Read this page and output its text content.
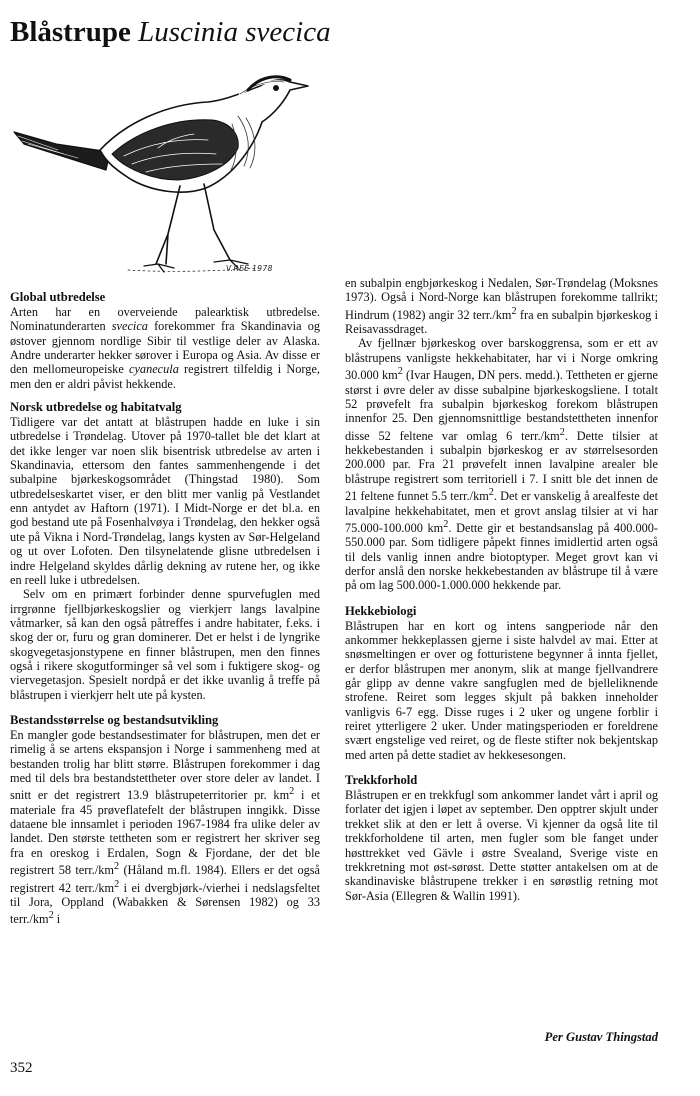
Blåstrupe Luscinia svecica
V.REE 1978
Global utbredelse

Arten har en overveiende palearktisk utbredelse. Nominatunderarten svecica forekommer fra Skandinavia og østover gjennom nordlige Sibir til vestlige deler av Alaska. Andre underarter hekker sørover i Europa og Asia. Av disse er den mellomeuropeiske cyanecula registrert tilfeldig i Norge, men den er aldri påvist hekkende.

Norsk utbredelse og habitatvalg

Tidligere var det antatt at blåstrupen hadde en luke i sin utbredelse i Trøndelag. Utover på 1970-tallet ble det klart at det ikke lenger var noen slik bisentrisk utbredelse av arten i Skandinavia, ettersom den fantes sammenhengende i det subalpine bjørkeskogsområdet (Thingstad 1980). Som utbredelseskartet viser, er den blitt mer vanlig på Vestlandet enn antydet av Haftorn (1971). I Midt-Norge er det bl.a. en god bestand ute på Fosenhalvøya i Trøndelag, den hekker også ute på Vikna i Nord-Trøndelag, langs kysten av Sør-Helgeland og ut over Lofoten. Den tilsynelatende glisne utbredelsen i indre Helgeland skyldes dårlig dekning av rutene her, og ikke en reell luke i utbredelsen.

Selv om en primært forbinder denne spurvefuglen med irrgrønne fjellbjørkeskogslier og vierkjerr langs lavalpine våtmarker, så kan den også påtreffes i andre habitater, f.eks. i skog der or, furu og gran dominerer. Det er helst i de lyngrike skogvegetasjonstypene en finner blåstrupen, men den finnes også i rikere skogutforminger så vel som i fuktigere skog- og viervegetasjon. Spesielt nordpå er det ikke uvanlig å treffe på blåstrupen i vierkjerr helt ute på kysten.

Bestandsstørrelse og bestandsutvikling

En mangler gode bestandsestimater for blåstrupen, men det er rimelig å se artens ekspansjon i Norge i sammenheng med at bestanden trolig har blitt større. Blåstrupen forekommer i dag med til dels bra bestandstettheter over store deler av landet. I snitt er det registrert 13.9 blåstrupeterritorier pr. $km^2$ i et materiale fra 45 prøveflatefelt der blåstrupen inngikk. Disse dataene ble innsamlet i perioden 1967-1984 fra ulike deler av landet. Den største tettheten som er registrert her skriver seg fra en oreskog i Erdalen, Sogn & Fjordane, der det ble registrert 58 $terr./km^2$ (Håland m.fl. 1984). Ellers er det også registrert 42 $terr./km^2$ i ei dvergbjørk-/vierhei i nedslagsfeltet til Jora, Oppland (Wabakken & Sørensen 1982) og 33 $terr./km^2$ i

en subalpin engbjørkeskog i Nedalen, Sør-Trøndelag (Moksnes 1973). Også i Nord-Norge kan blåstrupen forekomme tallrikt; Hindrum (1982) angir 32 $terr./km^2$ fra en subalpin bjørkeskog i Reisavassdraget.

Av fjellnær bjørkeskog over barskoggrensa, som er ett av blåstrupens vanligste hekkehabitater, har vi i Norge omkring 30.000 $km^2$ (Ivar Haugen, DN pers. medd.). Tettheten er gjerne størst i øvre deler av disse subalpine bjørkeskogsliene. I totalt 52 prøvefelt fra subalpin bjørkeskog forekom blåstrupen innenfor 25. Den gjennomsnittlige bestandstettheten innenfor disse 52 feltene var omlag 6 $terr./km^2$. Dette tilsier at hekkebestanden i subalpin bjørkeskog er av størrelsesorden 200.000 par. Fra 21 prøvefelt innen lavalpine arealer ble blåstrupe registrert som territoriell i 7. I snitt ble det innen de 21 feltene funnet 5.5 $terr./km^2$. Det er vanskelig å arealfeste det lavalpine hekkehabitatet, men et grovt anslag tilsier at vi har 75.000-100.000 $km^2$. Dette gir et bestandsanslag på 400.000-550.000 par. Som tidligere påpekt finnes imidlertid arten også til dels vanlig innen andre biotoptyper. Meget grovt kan vi derfor anslå den norske hekkebestanden av blåstrupe til å være på om lag 500.000-1.000.000 hekkende par.

Hekkebiologi

Blåstrupen har en kort og intens sangperiode når den ankommer hekkeplassen gjerne i siste halvdel av mai. Etter at snøsmeltingen er over og fotturistene begynner å innta fjellet, er derfor blåstrupen mer anonym, slik at mange fjellvandrere går glipp av denne vakre sangfuglen med de bjelleliknende strofene. Reiret som legges skjult på bakken inneholder vanligvis 6-7 egg. Disse ruges i 2 uker og ungene forblir i reiret ytterligere 2 uker. Under matingsperioden er foreldrene svært engstelige ved reiret, og de fleste stifter nok bekjentskap med arten på dette stadiet av hekkesesongen.

Trekkforhold

Blåstrupen er en trekkfugl som ankommer landet vårt i april og forlater det igjen i løpet av september. Den opptrer skjult under trekket slik at den er lett å overse. Vi kjenner da også lite til trekkforholdene til arten, men fugler som ble fanget under høsttrekket ved Gävle i østre Svealand, Sverige viste en trekkretning mot øst-sørøst. Dette støtter antakelsen om at de skandinaviske blåstrupene trekker i en sørøstlig retning mot Sør-Asia (Ellegren & Wallin 1991).

Per Gustav Thingstad
352
